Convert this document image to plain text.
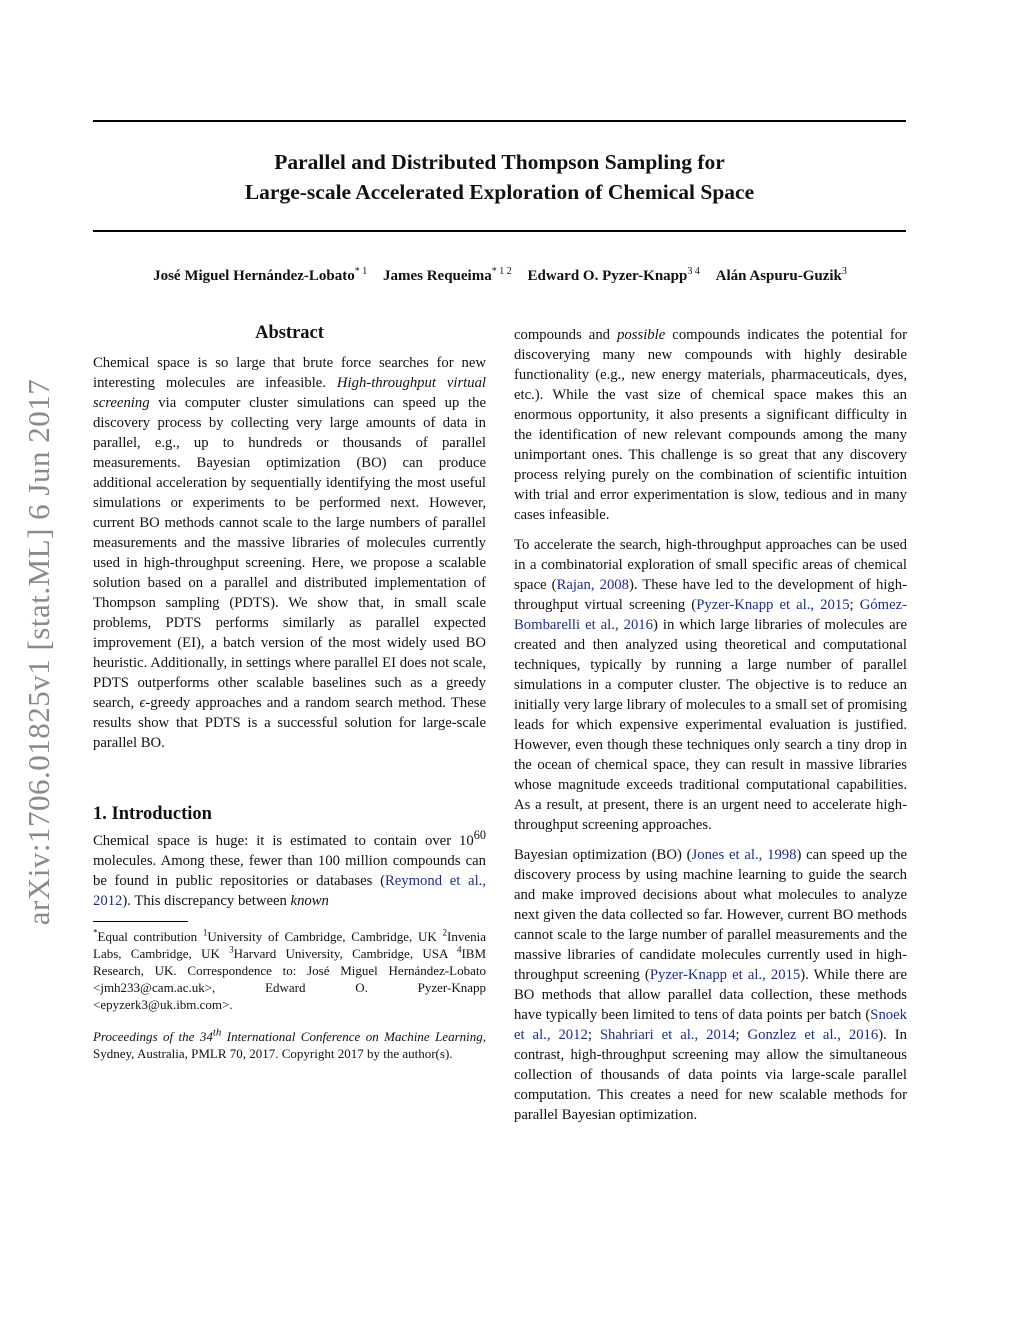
Parallel and Distributed Thompson Sampling for
Large-scale Accelerated Exploration of Chemical Space
José Miguel Hernández-Lobato$^{* 1}$ James Requeima$^{* 1 2}$ Edward O. Pyzer-Knapp$^{3 4}$ Alán Aspuru-Guzik$^3$
arXiv:1706.01825v1 [stat.ML] 6 Jun 2017
Abstract

Chemical space is so large that brute force searches for new interesting molecules are infeasible. High-throughput virtual screening via computer cluster simulations can speed up the discovery process by collecting very large amounts of data in parallel, e.g., up to hundreds or thousands of parallel measurements. Bayesian optimization (BO) can produce additional acceleration by sequentially identifying the most useful simulations or experiments to be performed next. However, current BO methods cannot scale to the large numbers of parallel measurements and the massive libraries of molecules currently used in high-throughput screening. Here, we propose a scalable solution based on a parallel and distributed implementation of Thompson sampling (PDTS). We show that, in small scale problems, PDTS performs similarly as parallel expected improvement (EI), a batch version of the most widely used BO heuristic. Additionally, in settings where parallel EI does not scale, PDTS outperforms other scalable baselines such as a greedy search, ϵ-greedy approaches and a random search method. These results show that PDTS is a successful solution for large-scale parallel BO.

1. Introduction

Chemical space is huge: it is estimated to contain over $10^{60}$ molecules. Among these, fewer than 100 million compounds can be found in public repositories or databases (Reymond et al., 2012). This discrepancy between known

*Equal contribution $^1$University of Cambridge, Cambridge, UK $^2$Invenia Labs, Cambridge, UK $^3$Harvard University, Cambridge, USA $^4$IBM Research, UK. Correspondence to: José Miguel Hernández-Lobato <jmh233@cam.ac.uk>, Edward O. Pyzer-Knapp <epyzerk3@uk.ibm.com>.
Proceedings of the 34th International Conference on Machine Learning, Sydney, Australia, PMLR 70, 2017. Copyright 2017 by the author(s).

compounds and possible compounds indicates the potential for discoverying many new compounds with highly desirable functionality (e.g., new energy materials, pharmaceuticals, dyes, etc.). While the vast size of chemical space makes this an enormous opportunity, it also presents a significant difficulty in the identification of new relevant compounds among the many unimportant ones. This challenge is so great that any discovery process relying purely on the combination of scientific intuition with trial and error experimentation is slow, tedious and in many cases infeasible.

To accelerate the search, high-throughput approaches can be used in a combinatorial exploration of small specific areas of chemical space (Rajan, 2008). These have led to the development of high-throughput virtual screening (Pyzer-Knapp et al., 2015; Gómez-Bombarelli et al., 2016) in which large libraries of molecules are created and then analyzed using theoretical and computational techniques, typically by running a large number of parallel simulations in a computer cluster. The objective is to reduce an initially very large library of molecules to a small set of promising leads for which expensive experimental evaluation is justified. However, even though these techniques only search a tiny drop in the ocean of chemical space, they can result in massive libraries whose magnitude exceeds traditional computational capabilities. As a result, at present, there is an urgent need to accelerate high-throughput screening approaches.

Bayesian optimization (BO) (Jones et al., 1998) can speed up the discovery process by using machine learning to guide the search and make improved decisions about what molecules to analyze next given the data collected so far. However, current BO methods cannot scale to the large number of parallel measurements and the massive libraries of candidate molecules currently used in high-throughput screening (Pyzer-Knapp et al., 2015). While there are BO methods that allow parallel data collection, these methods have typically been limited to tens of data points per batch (Snoek et al., 2012; Shahriari et al., 2014; Gonzlez et al., 2016). In contrast, high-throughput screening may allow the simultaneous collection of thousands of data points via large-scale parallel computation. This creates a need for new scalable methods for parallel Bayesian optimization.
